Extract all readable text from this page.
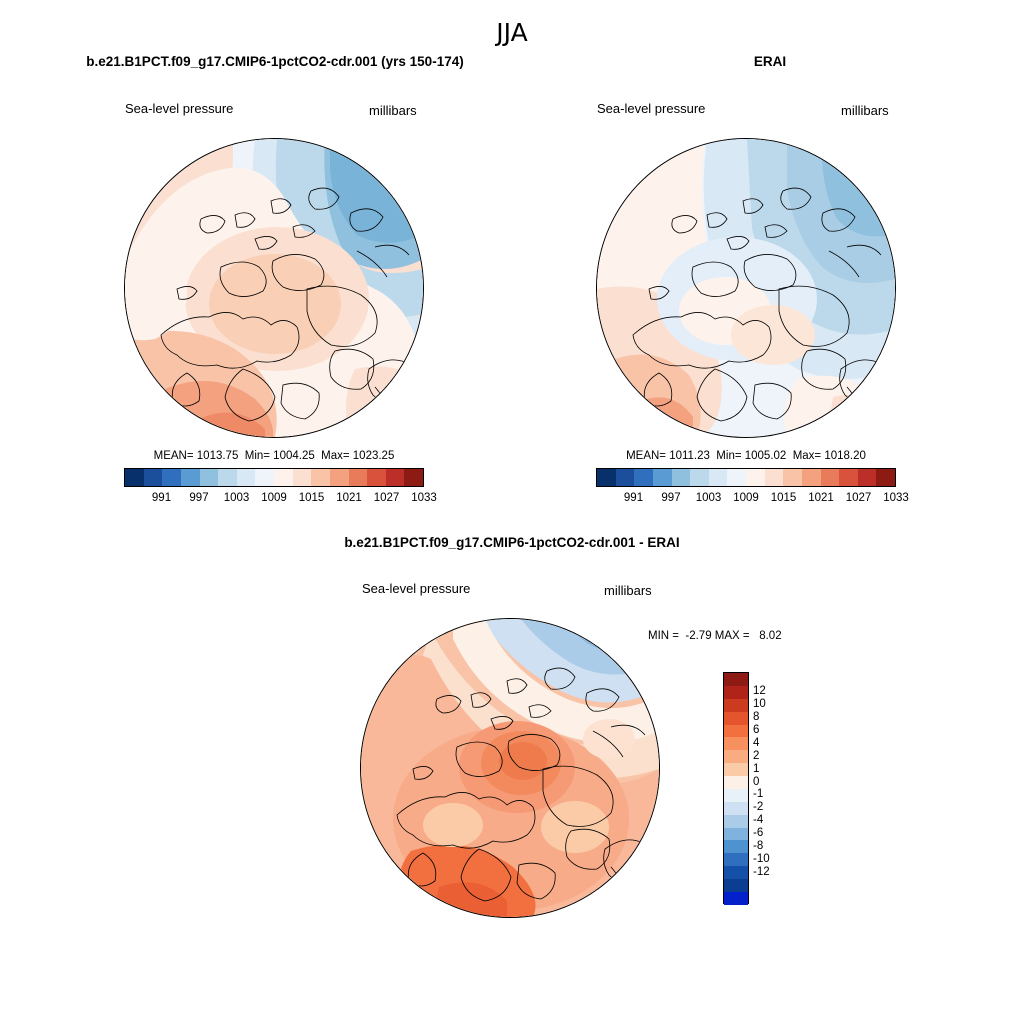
JJA
b.e21.B1PCT.f09_g17.CMIP6-1pctCO2-cdr.001 (yrs 150-174)
Sea-level pressure	millibars
MEAN= 1013.75  Min= 1004.25  Max= 1023.25
991 997 1003 1009 1015 1021 1027 1033
ERAI
Sea-level pressure	millibars
MEAN= 1011.23  Min= 1005.02  Max= 1018.20
991 997 1003 1009 1015 1021 1027 1033
b.e21.B1PCT.f09_g17.CMIP6-1pctCO2-cdr.001 - ERAI
Sea-level pressure	millibars
MIN =  -2.79 MAX =   8.02
12
10
8
6
4
2
1
0
-1
-2
-4
-6
-8
-10
-12
